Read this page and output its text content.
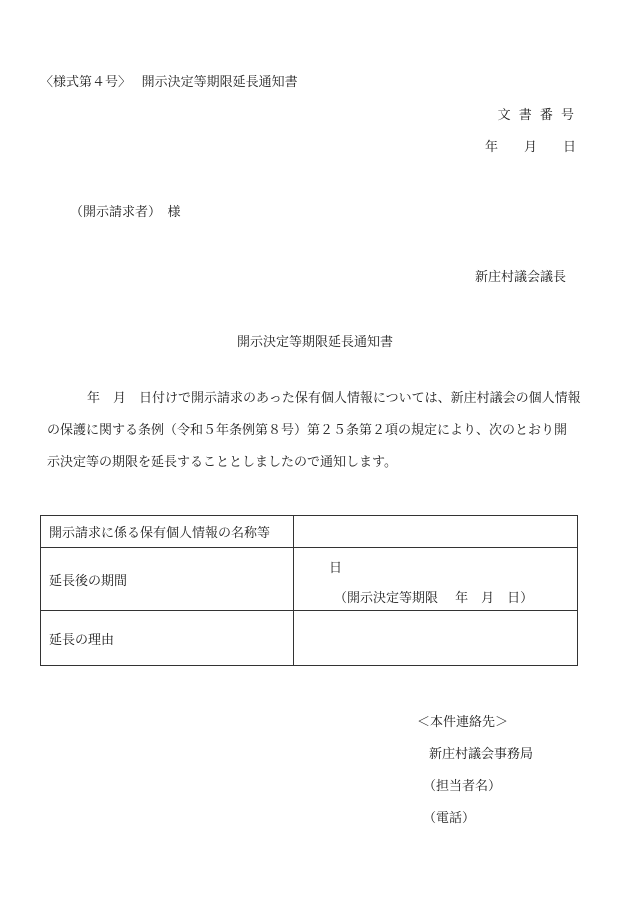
〈様式第４号〉　 開示決定等期限延長通知書
文 書 番 号
年 月 日
（開示請求者）　様
新庄村議会議長
開示決定等期限延長通知書
年　月　日付けで開示請求のあった保有個人情報については、新庄村議会の個人情報
の保護に関する条例（令和５年条例第８号）第２５条第２項の規定により、次のとおり開
示決定等の期限を延長することとしましたので通知します。
開示請求に係る保有個人情報の名称等	
延長後の期間	日
（開示決定等期限　 年　月　日）

延長の理由	
＜本件連絡先＞
新庄村議会事務局
（担当者名）
（電話）
